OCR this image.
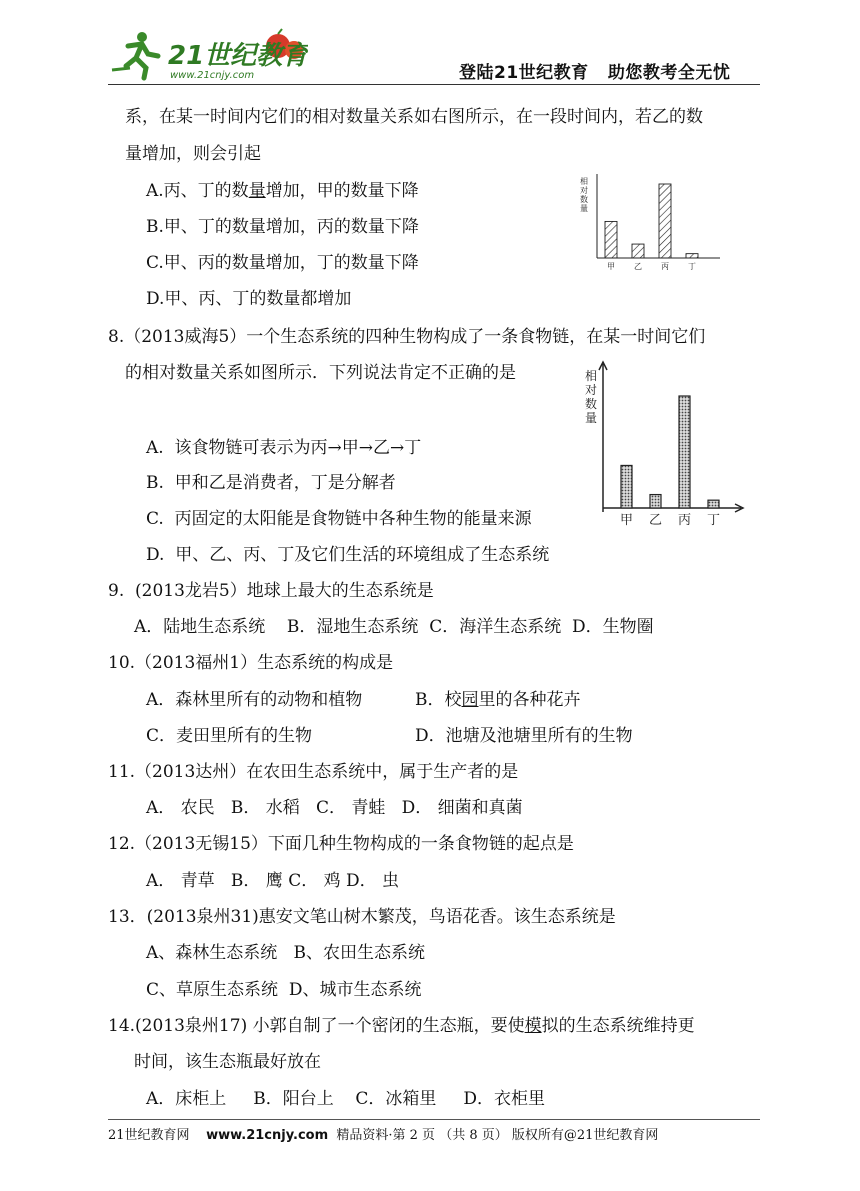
21世纪教育
www.21cnjy.com	登陆21世纪教育   助您教考全无忧
系，在某一时间内它们的相对数量关系如右图所示，在一段时间内，若乙的数
量增加，则会引起
A.丙、丁的数量增加，甲的数量下降
B.甲、丁的数量增加，丙的数量下降
C.甲、丙的数量增加，丁的数量下降
D.甲、丙、丁的数量都增加
相对数量
甲 乙 丙 丁
8.（2013威海5）一个生态系统的四种生物构成了一条食物链，在某一时间它们
的相对数量关系如图所示．下列说法肯定不正确的是
A.  该食物链可表示为丙→甲→乙→丁
B.  甲和乙是消费者，丁是分解者
C.  丙固定的太阳能是食物链中各种生物的能量来源
D.  甲、乙、丙、丁及它们生活的环境组成了生态系统
相对数量
甲 乙 丙 丁
9.  (2013龙岩5）地球上最大的生态系统是
A．陆地生态系统    B．湿地生态系统  C．海洋生态系统  D．生物圈
10.（2013福州1）生态系统的构成是
A．森林里所有的动物和植物	B．校园里的各种花卉
C．麦田里所有的生物	D．池塘及池塘里所有的生物
11.（2013达州）在农田生态系统中，属于生产者的是
A． 农民   B． 水稻   C． 青蛙   D． 细菌和真菌
12.（2013无锡15）下面几种生物构成的一条食物链的起点是
A． 青草   B． 鹰 C． 鸡 D． 虫
13．(2013泉州31)惠安文笔山树木繁茂，鸟语花香。该生态系统是
A、森林生态系统   B、农田生态系统
C、草原生态系统  D、城市生态系统
14.(2013泉州17) 小郭自制了一个密闭的生态瓶，要使模拟的生态系统维持更
时间，该生态瓶最好放在
A．床柜上     B．阳台上    C．冰箱里     D．衣柜里
21世纪教育网 www.21cnjy.com 精品资料·第 2 页 （共 8 页） 版权所有@21世纪教育网
